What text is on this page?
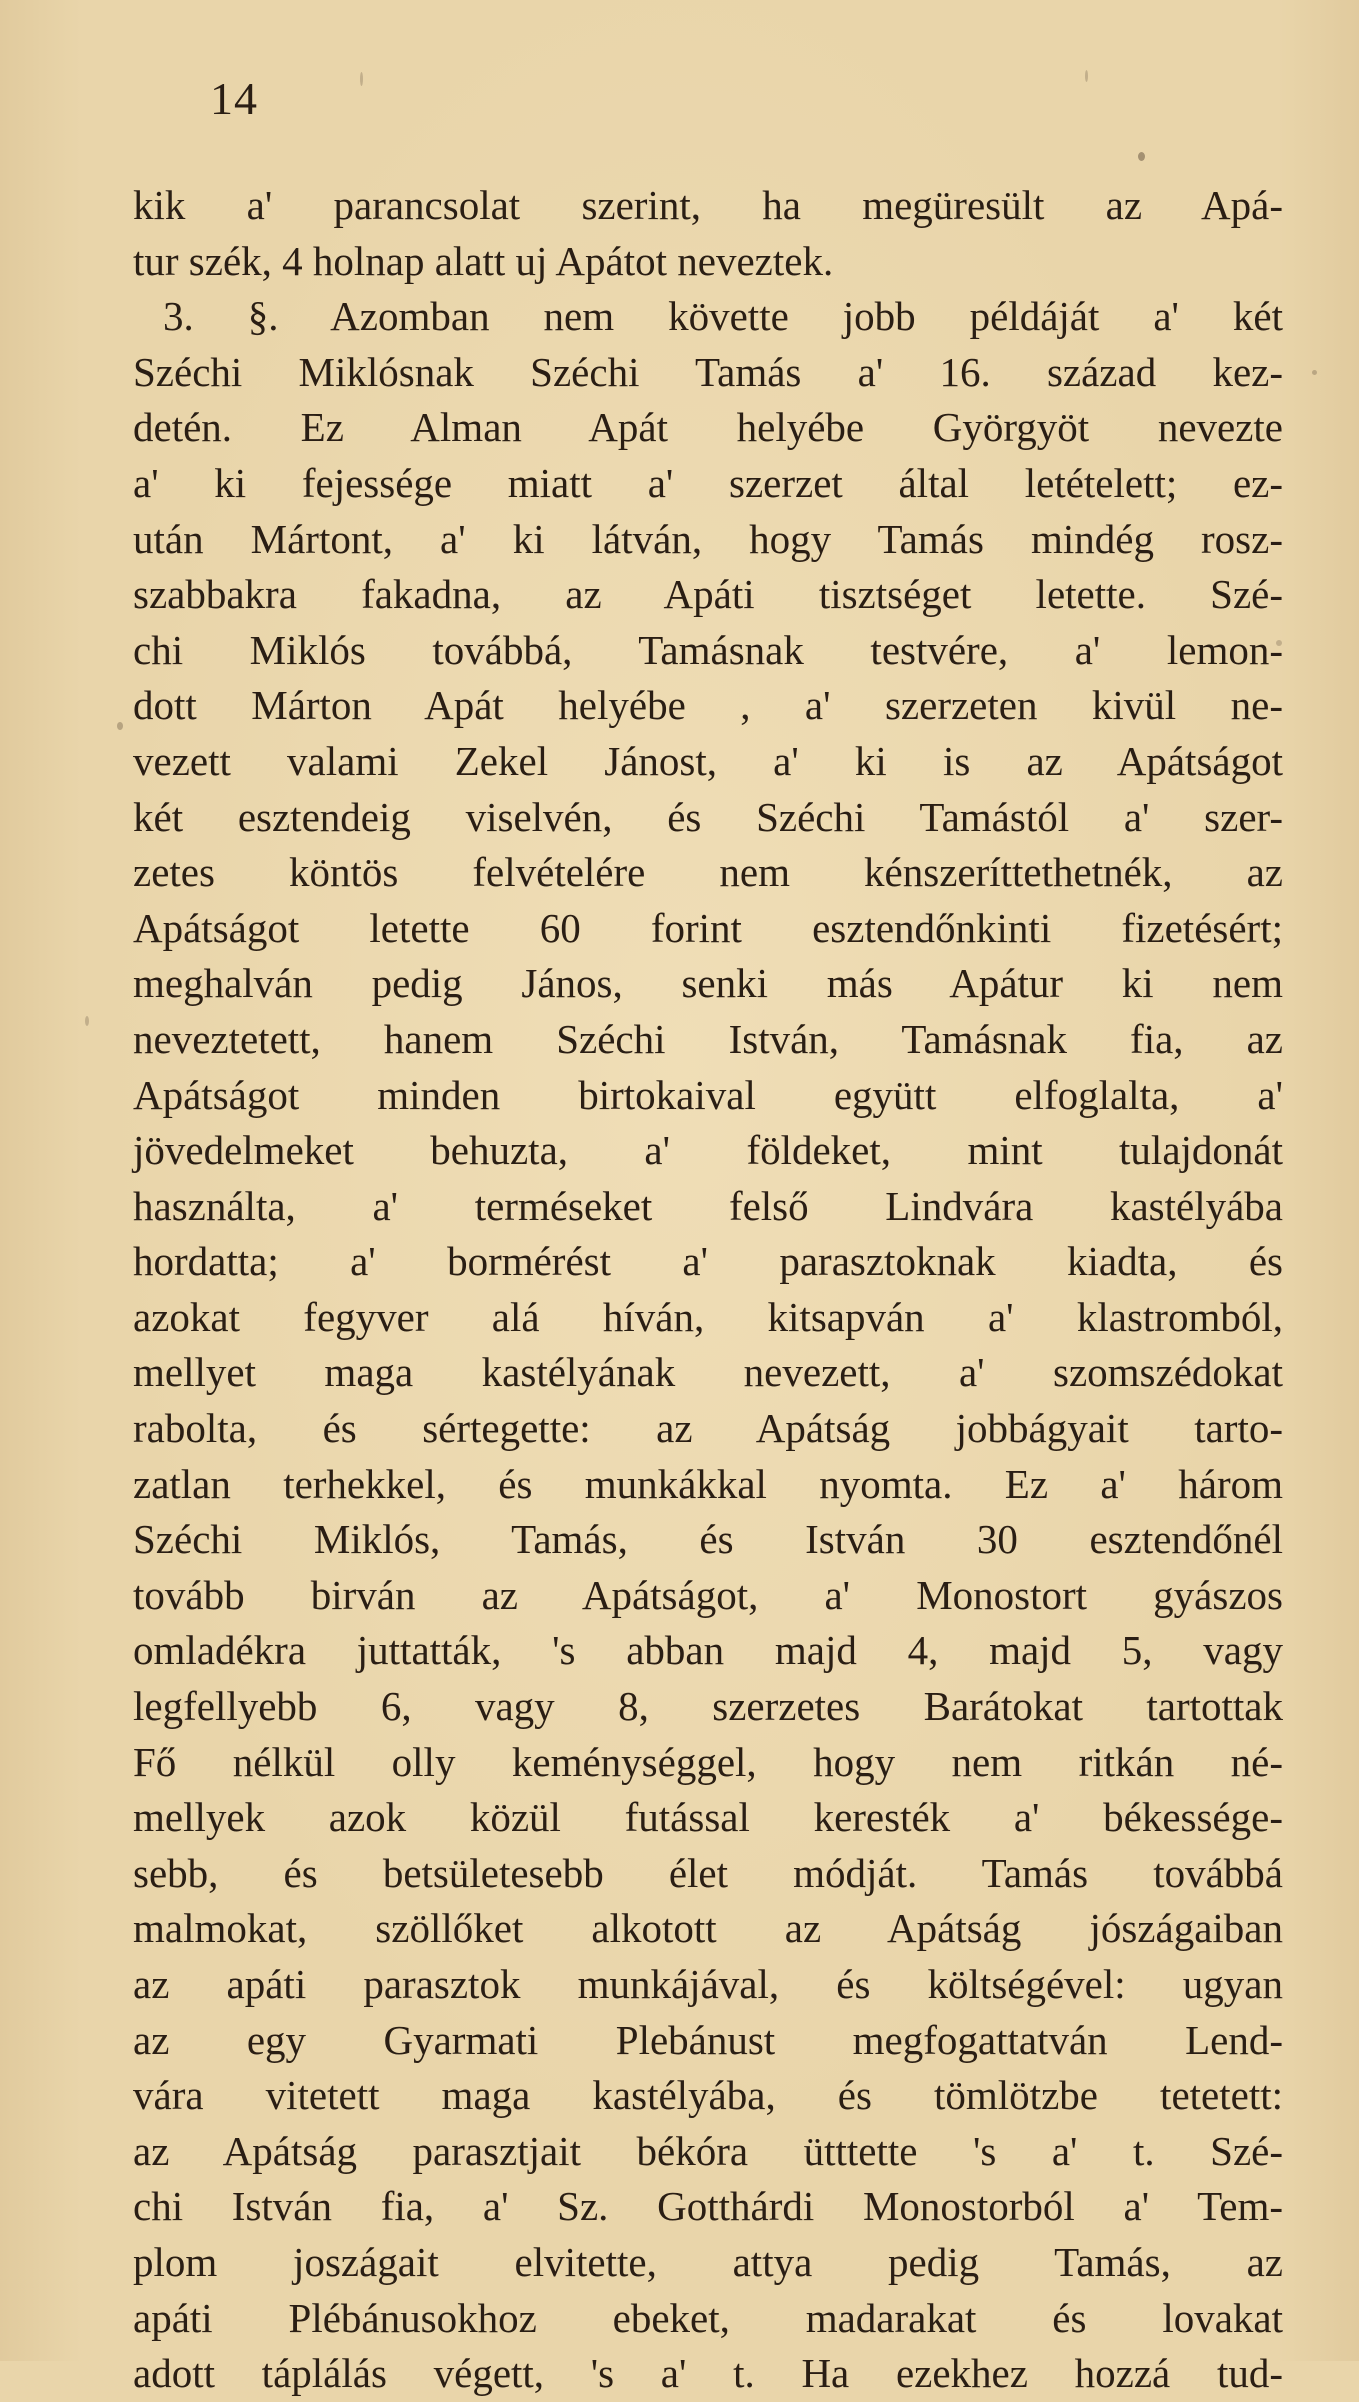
14
kik a' parancsolat szerint, ha megüresült az Apá-
tur szék, 4 holnap alatt uj Apátot neveztek.
3. §. Azomban nem követte jobb példáját a' két
Széchi Miklósnak Széchi Tamás a' 16. század kez-
detén. Ez Alman Apát helyébe Györgyöt nevezte
a' ki fejessége miatt a' szerzet által letételett; ez-
után Mártont, a' ki látván, hogy Tamás mindég rosz-
szabbakra fakadna, az Apáti tisztséget letette. Szé-
chi Miklós továbbá, Tamásnak testvére, a' lemon-
dott Márton Apát helyébe , a' szerzeten kivül ne-
vezett valami Zekel Jánost, a' ki is az Apátságot
két esztendeig viselvén, és Széchi Tamástól a' szer-
zetes köntös felvételére nem kénszeríttethetnék, az
Apátságot letette 60 forint esztendőnkinti fizetésért;
meghalván pedig János, senki más Apátur ki nem
neveztetett, hanem Széchi István, Tamásnak fia, az
Apátságot minden birtokaival együtt elfoglalta, a'
jövedelmeket behuzta, a' földeket, mint tulajdonát
használta, a' terméseket felső Lindvára kastélyába
hordatta; a' bormérést a' parasztoknak kiadta, és
azokat fegyver alá híván, kitsapván a' klastromból,
mellyet maga kastélyának nevezett, a' szomszédokat
rabolta, és sértegette: az Apátság jobbágyait tarto-
zatlan terhekkel, és munkákkal nyomta. Ez a' három
Széchi Miklós, Tamás, és István 30 esztendőnél
tovább birván az Apátságot, a' Monostort gyászos
omladékra juttatták, 's abban majd 4, majd 5, vagy
legfellyebb 6, vagy 8, szerzetes Barátokat tartottak
Fő nélkül olly keménységgel, hogy nem ritkán né-
mellyek azok közül futással keresték a' békessége-
sebb, és betsületesebb élet módját. Tamás továbbá
malmokat, szöllőket alkotott az Apátság jószágaiban
az apáti parasztok munkájával, és költségével: ugyan
az egy Gyarmati Plebánust megfogattatván Lend-
vára vitetett maga kastélyába, és tömlötzbe tetetett:
az Apátság parasztjait békóra ütttette 's a' t. Szé-
chi István fia, a' Sz. Gotthárdi Monostorból a' Tem-
plom joszágait elvitette, attya pedig Tamás, az
apáti Plébánusokhoz ebeket, madarakat és lovakat
adott táplálás végett, 's a' t. Ha ezekhez hozzá tud-
